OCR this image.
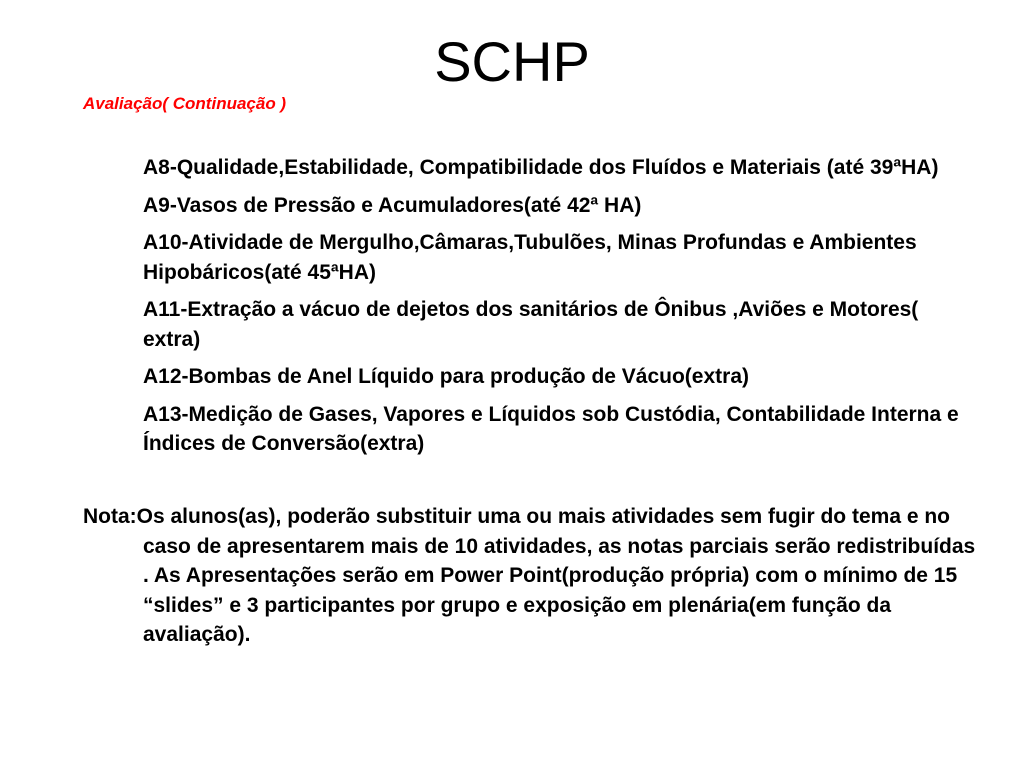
SCHP
Avaliação( Continuação )
A8-Qualidade,Estabilidade, Compatibilidade dos Fluídos e Materiais (até 39ªHA)
A9-Vasos de Pressão e Acumuladores(até 42ª HA)
A10-Atividade de Mergulho,Câmaras,Tubulões, Minas Profundas e Ambientes Hipobáricos(até 45ªHA)
A11-Extração a vácuo de dejetos dos sanitários de Ônibus ,Aviões e Motores( extra)
A12-Bombas de Anel Líquido para produção de Vácuo(extra)
A13-Medição de Gases, Vapores e Líquidos sob Custódia, Contabilidade Interna e Índices de Conversão(extra)
Nota:Os alunos(as), poderão substituir uma ou mais atividades sem fugir do tema e no caso de apresentarem mais de 10 atividades, as notas parciais serão redistribuídas . As Apresentações serão em Power Point(produção própria) com o mínimo de 15 “slides” e 3 participantes por grupo e exposição em plenária(em função da avaliação).
